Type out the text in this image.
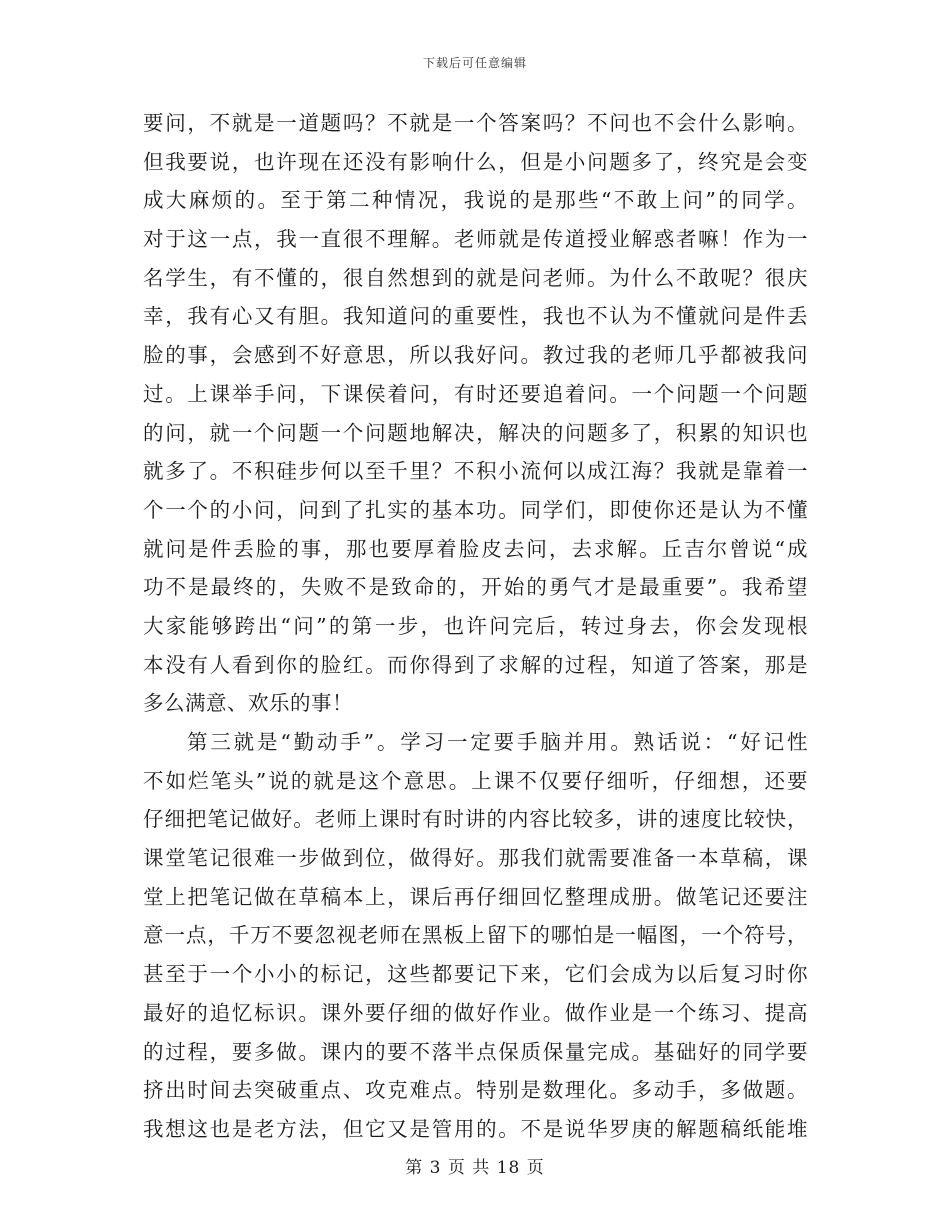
下载后可任意编辑
要问，不就是一道题吗？不就是一个答案吗？不问也不会什么影响。
但我要说，也许现在还没有影响什么，但是小问题多了，终究是会变
成大麻烦的。至于第二种情况，我说的是那些“不敢上问”的同学。
对于这一点，我一直很不理解。老师就是传道授业解惑者嘛！作为一
名学生，有不懂的，很自然想到的就是问老师。为什么不敢呢？很庆
幸，我有心又有胆。我知道问的重要性，我也不认为不懂就问是件丢
脸的事，会感到不好意思，所以我好问。教过我的老师几乎都被我问
过。上课举手问，下课侯着问，有时还要追着问。一个问题一个问题
的问，就一个问题一个问题地解决，解决的问题多了，积累的知识也
就多了。不积硅步何以至千里？不积小流何以成江海？我就是靠着一
个一个的小问，问到了扎实的基本功。同学们，即使你还是认为不懂
就问是件丢脸的事，那也要厚着脸皮去问，去求解。丘吉尔曾说“成
功不是最终的，失败不是致命的，开始的勇气才是最重要”。我希望
大家能够跨出“问”的第一步，也许问完后，转过身去，你会发现根
本没有人看到你的脸红。而你得到了求解的过程，知道了答案，那是
多么满意、欢乐的事！
第三就是“勤动手”。学习一定要手脑并用。熟话说：“好记性
不如烂笔头”说的就是这个意思。上课不仅要仔细听，仔细想，还要
仔细把笔记做好。老师上课时有时讲的内容比较多，讲的速度比较快，
课堂笔记很难一步做到位，做得好。那我们就需要准备一本草稿，课
堂上把笔记做在草稿本上，课后再仔细回忆整理成册。做笔记还要注
意一点，千万不要忽视老师在黑板上留下的哪怕是一幅图，一个符号，
甚至于一个小小的标记，这些都要记下来，它们会成为以后复习时你
最好的追忆标识。课外要仔细的做好作业。做作业是一个练习、提高
的过程，要多做。课内的要不落半点保质保量完成。基础好的同学要
挤出时间去突破重点、攻克难点。特别是数理化。多动手，多做题。
我想这也是老方法，但它又是管用的。不是说华罗庚的解题稿纸能堆
第 3 页 共 18 页
